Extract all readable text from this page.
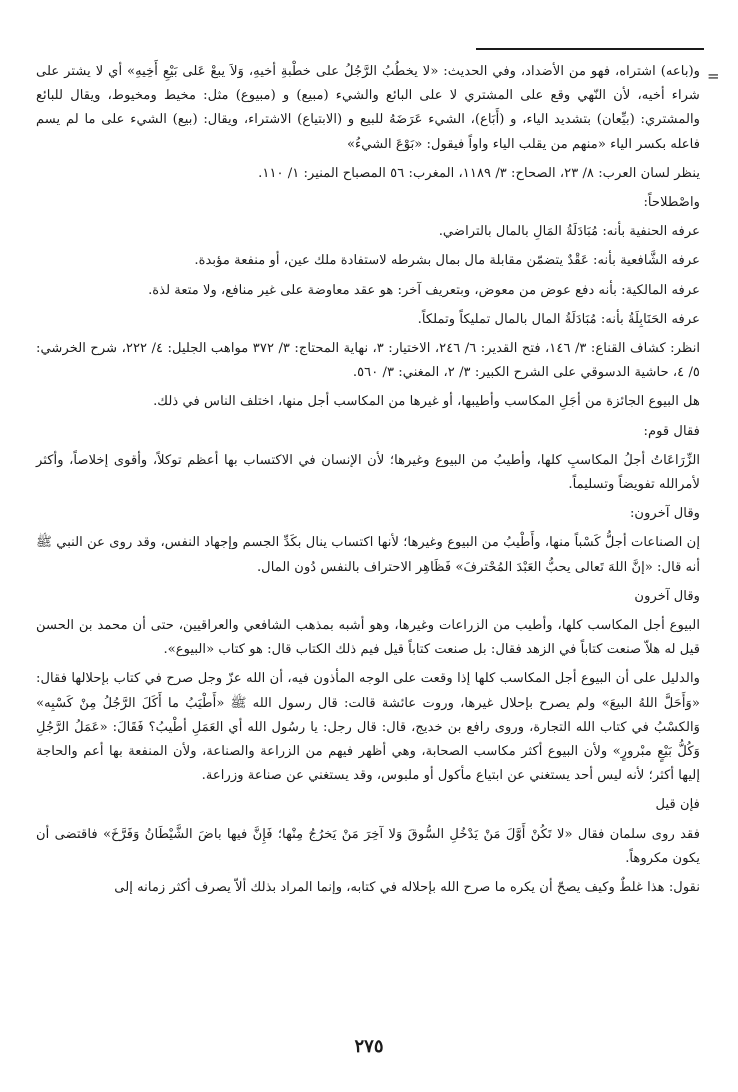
=

و(باعه) اشتراه، فهو من الأضداد، وفي الحديث: «لا يخطُبُ الرَّجُلُ على خطْبةِ أخيهِ، وَلاَ يبعْ عَلى بَيْعِ أَخِيهِ» أي لا يشتر على شراء أخيه، لأن النّهي وقع على المشتري لا على البائع والشيء (مبيع) و (مبيوع) مثل: مخيط ومخيوط، ويقال للبائع والمشتري: (بيِّعان) بتشديد الياء، و (أَبَاع)، الشيء عَرَضَهُ للبيع و (الابتياع) الاشتراء، ويقال: (بيع) الشيء على ما لم يسم فاعله بكسر الياء «منهم من يقلب الياء واواً فيقول: «بَوْعَ الشيءُ»

ينظر لسان العرب: ٨/ ٢٣، الصحاح: ٣/ ١١٨٩، المغرب: ٥٦ المصباح المنير: ١/ ١١٠.

واصْطلاحاً:

عرفه الحنفية بأنه: مُبَادَلَةُ المَالِ بالمال بالتراضي.

عرفه الشَّافعية بأنه: عَقْدٌ يتضمّن مقابلة مال بمال بشرطه لاستفادة ملك عين، أو منفعة مؤبدة.

عرفه المالكية: بأنه دفع عوض من معوض، وبتعريف آخر: هو عقد معاوضة على غير منافع، ولا متعة لذة.

عرفه الحَنَابِلَةُ بأنه: مُبَادَلَةُ المال بالمال تمليكاً وتملكاً.

انظر: كشاف القناع: ٣/ ١٤٦، فتح القدير: ٦/ ٢٤٦، الاختيار: ٣، نهاية المحتاج: ٣/ ٣٧٢ مواهب الجليل: ٤/ ٢٢٢، شرح الخرشي: ٥/ ٤، حاشية الدسوقي على الشرح الكبير: ٣/ ٢، المغني: ٣/ ٥٦٠.

هل البيوع الجائزة من أجَلِ المكاسب وأطيبها، أو غيرها من المكاسب أجل منها، اختلف الناس في ذلك.

فقال قوم:

الزِّرَاعَاتُ أجلُ المكاسبِ كلها، وأطيبُ من البيوع وغيرها؛ لأن الإنسان في الاكتساب بها أعظم توكلاً، وأقوى إخلاصاً، وأكثر لأمرالله تفويضاً وتسليماً.

وقال آخرون:

إن الصناعات أجلُّ كَسْباً منها، وأَطْيبُ من البيوع وغيرها؛ لأنها اكتساب ينال بكَدِّ الجسم وإجهاد النفس، وقد روى عن النبي ﷺ أنه قال: «إنَّ اللهَ تَعالى يحبُّ العَبْدَ المُحْترفَ» فَظَاهِر الاحتراف بالنفس دُون المال.

وقال آخرون

البيوع أجل المكاسب كلها، وأطيب من الزراعات وغيرها، وهو أشبه بمذهب الشافعي والعراقيين، حتى أن محمد بن الحسن قيل له هلاّ صنعت كتاباً في الزهد فقال: بل صنعت كتاباً قيل فيم ذلك الكتاب قال: هو كتاب «البيوع».

والدليل على أن البيوع أجل المكاسب كلها إذا وقعت على الوجه المأذون فيه، أن الله عزّ وجل صرح في كتاب بإحلالها فقال: «وَأَحَلَّ اللهُ البيعَ» ولم يصرح بإحلال غيرها، وروت عائشة قالت: قال رسول الله ﷺ «أَطْيَبُ ما أَكَلَ الرَّجُلُ مِنْ كَسْبِه» وَالكسْبُ في كتاب الله التجارة، وروى رافع بن خديج، قال: قال رجل: يا رسُول الله أي العَمَلِ أطْيبُ؟ فَقَالَ: «عَمَلُ الرَّجُلِ وَكُلُّ بَيْعٍ مبْرورٍ» ولأن البيوع أكثر مكاسب الصحابة، وهي أظهر فيهم من الزراعة والصناعة، ولأن المنفعة بها أعم والحاجة إليها أكثر؛ لأنه ليس أحد يستغني عن ابتياع مأكول أو ملبوس، وقد يستغني عن صناعة وزراعة.

فإن قيل

فقد روى سلمان فقال «لا تَكُنْ أَوَّلَ مَنْ يَدْخُلِ السُّوقَ وَلا آخِرَ مَنْ يَخرُجُ مِنْها؛ فَإِنَّ فيها باضَ الشَّيْطَانُ وَفَرَّخَ» فاقتضى أن يكون مكروهاً.

نقول: هذا غلطٌ وكيف يصحّ أن يكره ما صرح الله بإحلاله في كتابه، وإنما المراد بذلك ألاّ يصرف أكثر زمانه إلى

٢٧٥
